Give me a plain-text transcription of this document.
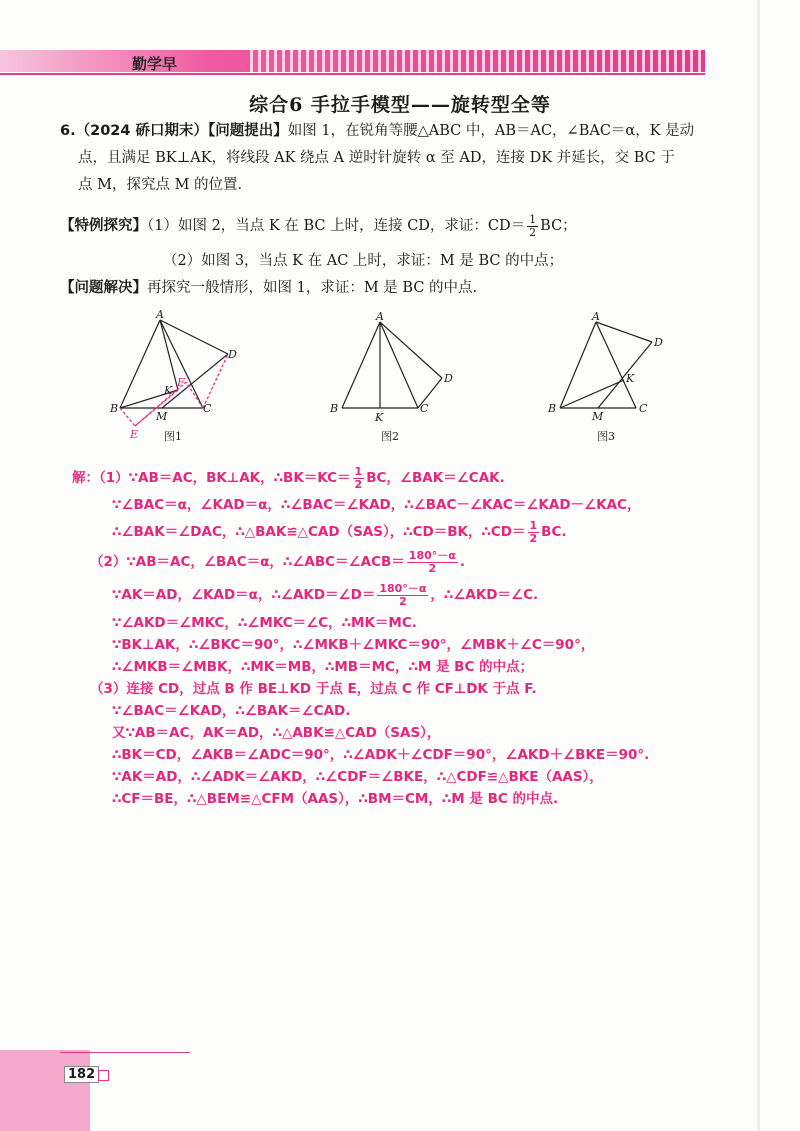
勤学早
综合6 手拉手模型——旋转型全等
6.（2024 硚口期末）【问题提出】如图 1，在锐角等腰△ABC 中，AB＝AC，∠BAC＝α，K 是动
点，且满足 BK⊥AK，将线段 AK 绕点 A 逆时针旋转 α 至 AD，连接 DK 并延长，交 BC 于
点 M，探究点 M 的位置.
【特例探究】（1）如图 2，当点 K 在 BC 上时，连接 CD，求证：$CD= \frac{1}{2}$ BC；
（2）如图 3，当点 K 在 AC 上时，求证：M 是 BC 的中点；
【问题解决】再探究一般情形，如图 1，求证：M 是 BC 的中点.
A
B	C
D
K
M
E
F
图1
A
B	C
D
K
图2
A
B	C
D
K
M
图3
解：（1）∵AB＝AC，BK⊥AK，∴BK＝KC＝ $\frac{1}{2}$ BC，∠BAK＝∠CAK.
∵∠BAC＝α，∠KAD＝α，∴∠BAC＝∠KAD，∴∠BAC－∠KAC＝∠KAD－∠KAC，
∴∠BAK＝∠DAC，∴△BAK≌△CAD（SAS），∴CD＝BK，∴CD＝ $\frac{1}{2}$ BC.
（2）∵AB＝AC，∠BAC＝α，∴∠ABC＝∠ACB＝ $\frac{180^\circ-\alpha}{2}$ .
∵AK＝AD，∠KAD＝α，∴∠AKD＝∠D＝ $\frac{180^\circ-\alpha}{2}$ ，∴∠AKD＝∠C.
∵∠AKD＝∠MKC，∴∠MKC＝∠C，∴MK＝MC.
∵BK⊥AK，∴∠BKC＝90°，∴∠MKB＋∠MKC＝90°，∠MBK＋∠C＝90°，
∴∠MKB＝∠MBK，∴MK＝MB，∴MB＝MC，∴M 是 BC 的中点；
（3）连接 CD，过点 B 作 BE⊥KD 于点 E，过点 C 作 CF⊥DK 于点 F.
∵∠BAC＝∠KAD，∴∠BAK＝∠CAD.
又∵AB＝AC，AK＝AD，∴△ABK≌△CAD（SAS），
∴BK＝CD，∠AKB＝∠ADC＝90°，∴∠ADK＋∠CDF＝90°，∠AKD＋∠BKE＝90°.
∵AK＝AD，∴∠ADK＝∠AKD，∴∠CDF＝∠BKE，∴△CDF≌△BKE（AAS），
∴CF＝BE，∴△BEM≌△CFM（AAS），∴BM＝CM，∴M 是 BC 的中点.
182
